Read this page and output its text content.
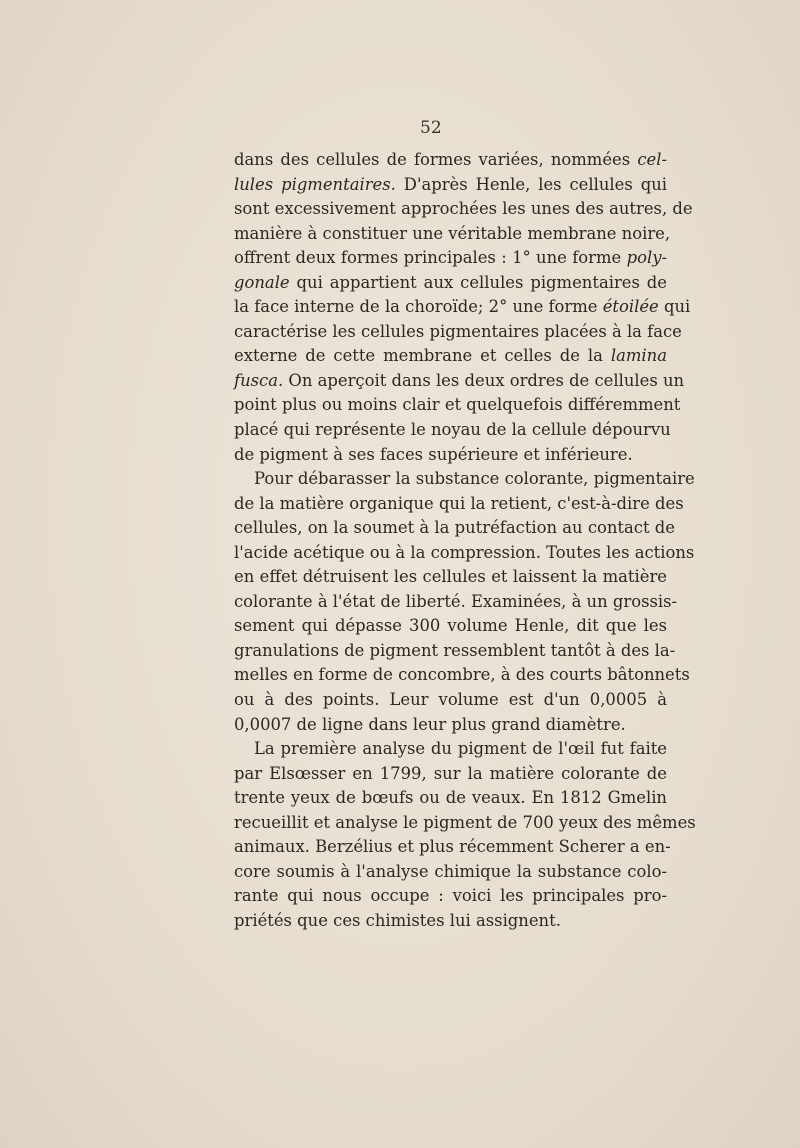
52
dans des cellules de formes variées, nommées cel-
lules pigmentaires. D'après Henle, les cellules qui
sont excessivement approchées les unes des autres, de
manière à constituer une véritable membrane noire,
offrent deux formes principales : 1° une forme poly-
gonale qui appartient aux cellules pigmentaires de
la face interne de la choroïde; 2° une forme étoilée qui
caractérise les cellules pigmentaires placées à la face
externe de cette membrane et celles de la lamina
fusca. On aperçoit dans les deux ordres de cellules un
point plus ou moins clair et quelquefois différemment
placé qui représente le noyau de la cellule dépourvu
de pigment à ses faces supérieure et inférieure.
Pour débarasser la substance colorante, pigmentaire
de la matière organique qui la retient, c'est-à-dire des
cellules, on la soumet à la putréfaction au contact de
l'acide acétique ou à la compression. Toutes les actions
en effet détruisent les cellules et laissent la matière
colorante à l'état de liberté. Examinées, à un grossis-
sement qui dépasse 300 volume Henle, dit que les
granulations de pigment ressemblent tantôt à des la-
melles en forme de concombre, à des courts bâtonnets
ou à des points. Leur volume est d'un 0,0005 à
0,0007 de ligne dans leur plus grand diamètre.
La première analyse du pigment de l'œil fut faite
par Elsœsser en 1799, sur la matière colorante de
trente yeux de bœufs ou de veaux. En 1812 Gmelin
recueillit et analyse le pigment de 700 yeux des mêmes
animaux. Berzélius et plus récemment Scherer a en-
core soumis à l'analyse chimique la substance colo-
rante qui nous occupe : voici les principales pro-
priétés que ces chimistes lui assignent.
